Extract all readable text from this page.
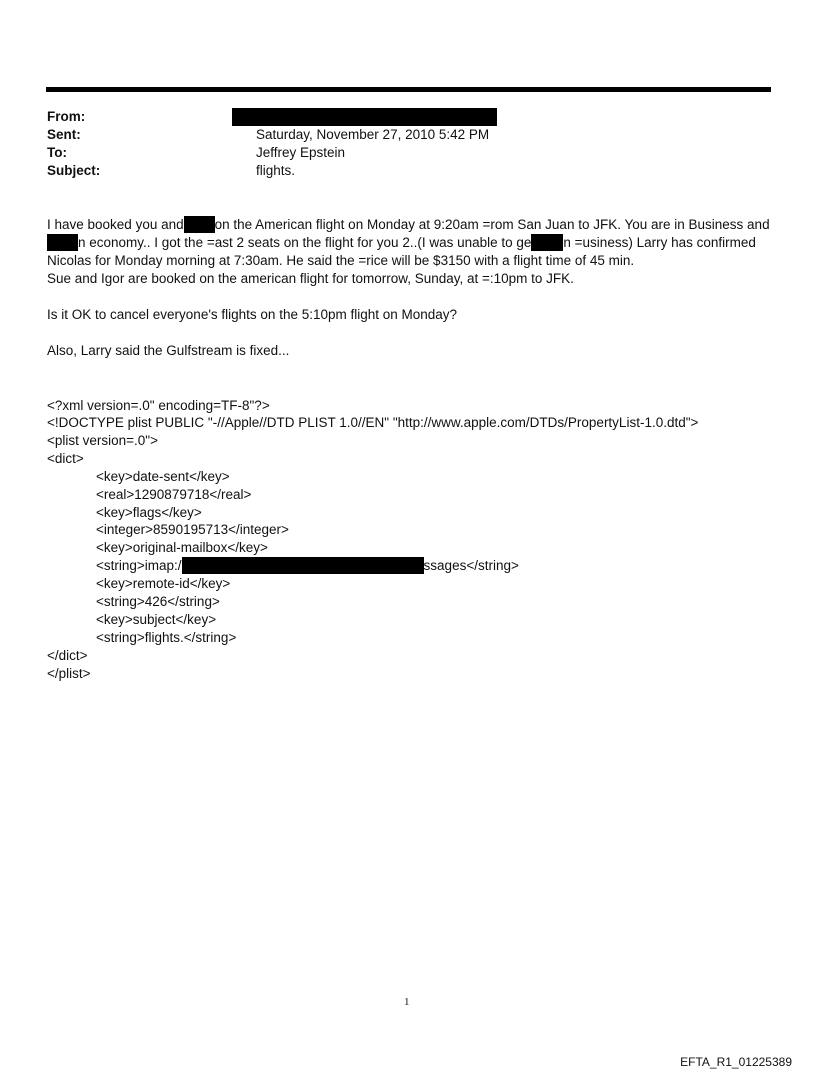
From:
Sent:	Saturday, November 27, 2010 5:42 PM
To:	Jeffrey Epstein
Subject:	flights.
I have booked you and on the American flight on Monday at 9:20am =rom San Juan to JFK. You are in Business and
n economy.. I got the =ast 2 seats on the flight for you 2..(I was unable to ge n =usiness) Larry has confirmed
Nicolas for Monday morning at 7:30am. He said the =rice will be $3150 with a flight time of 45 min.
Sue and Igor are booked on the american flight for tomorrow, Sunday, at =:10pm to JFK.
Is it OK to cancel everyone's flights on the 5:10pm flight on Monday?
Also, Larry said the Gulfstream is fixed...
<?xml version=.0" encoding=TF-8"?>
<!DOCTYPE plist PUBLIC "-//Apple//DTD PLIST 1.0//EN" "http://www.apple.com/DTDs/PropertyList-1.0.dtd">
<plist version=.0">
<dict>
<key>date-sent</key>
<real>1290879718</real>
<key>flags</key>
<integer>8590195713</integer>
<key>original-mailbox</key>
<string>imap:/	ssages</string>
<key>remote-id</key>
<string>426</string>
<key>subject</key>
<string>flights.</string>
</dict>
</plist>
1
EFTA_R1_01225389
